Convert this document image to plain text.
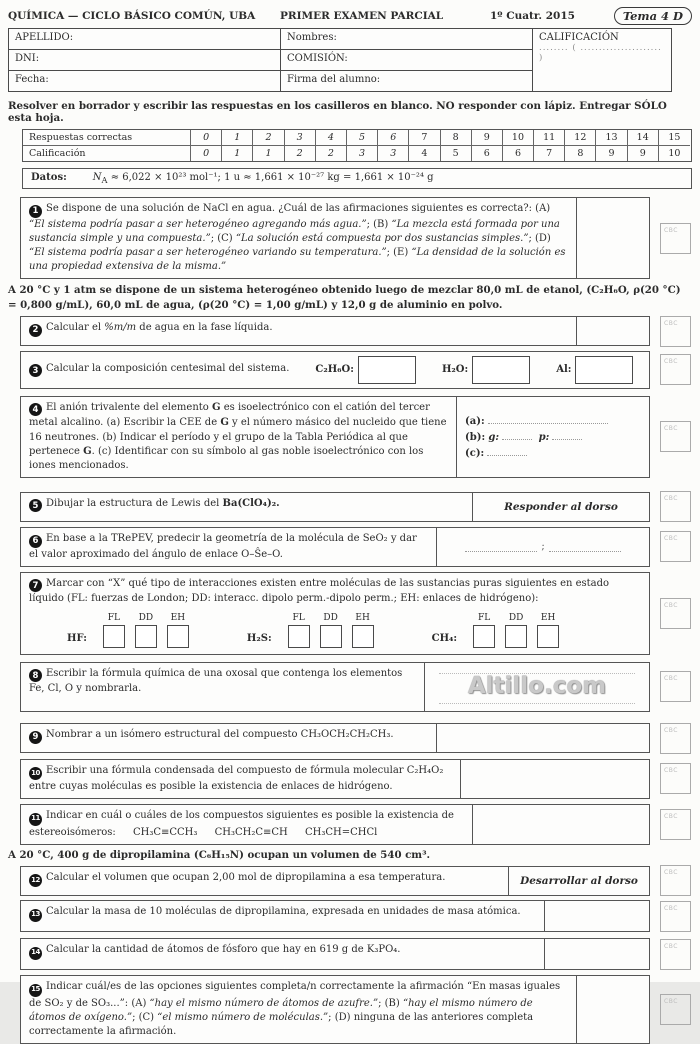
QUÍMICA — CICLO BÁSICO COMÚN, UBA	PRIMER EXAMEN PARCIAL	1º Cuatr. 2015	Tema 4 D
APELLIDO:	Nombres:	CALIFICACIÓN
........ ( ...................... )
DNI:	COMISIÓN:
Fecha:	Firma del alumno:
Resolver en borrador y escribir las respuestas en los casilleros en blanco. NO responder con lápiz. Entregar SÓLO esta hoja.
Respuestas correctas	0	1	2	3	4	5	6	7	8	9	10	11	12	13	14	15
Calificación	0	1	1	2	2	3	3	4	5	6	6	7	8	9	9	10
Datos:	$N_A \approx 6,022 \times 10^{23}$ mol⁻¹; 1 u ≈ 1,661 × 10⁻²⁷ kg = 1,661 × 10⁻²⁴ g
1 Se dispone de una solución de NaCl en agua. ¿Cuál de las afirmaciones siguientes es correcta?: (A) “El sistema podría pasar a ser heterogéneo agregando más agua.”; (B) “La mezcla está formada por una sustancia simple y una compuesta.”; (C) “La solución está compuesta por dos sustancias simples.”; (D) “El sistema podría pasar a ser heterogéneo variando su temperatura.”; (E) “La densidad de la solución es una propiedad extensiva de la misma.”
CBC
A 20 °C y 1 atm se dispone de un sistema heterogéneo obtenido luego de mezclar 80,0 mL de etanol, (C₂H₆O, ρ(20 °C) = 0,800 g/mL), 60,0 mL de agua, (ρ(20 °C) = 1,00 g/mL) y 12,0 g de aluminio en polvo.
2 Calcular el %m/m de agua en la fase líquida.	CBC
3 Calcular la composición centesimal del sistema.	C₂H₆O:	H₂O:	Al:
CBC
4 El anión trivalente del elemento G es isoelectrónico con el catión del tercer metal alcalino. (a) Escribir la CEE de G y el número másico del nucleido que tiene 16 neutrones. (b) Indicar el período y el grupo de la Tabla Periódica al que pertenece G. (c) Identificar con su símbolo al gas noble isoelectrónico con los iones mencionados.
(a):
(b): g:	p:
(c):
CBC
5 Dibujar la estructura de Lewis del Ba(ClO₄)₂.	Responder al dorso
CBC
6 En base a la TRePEV, predecir la geometría de la molécula de SeO₂ y dar el valor aproximado del ángulo de enlace O–Ŝe–O.
;
CBC
7 Marcar con “X” qué tipo de interacciones existen entre moléculas de las sustancias puras siguientes en estado líquido (FL: fuerzas de London; DD: interacc. dipolo perm.-dipolo perm.; EH: enlaces de hidrógeno):
HF:
FL DD EH
H₂S:
FL DD EH
CH₄:
FL DD EH
CBC
8 Escribir la fórmula química de una oxosal que contenga los elementos Fe, Cl, O y nombrarla.	Altillo.com	CBC
9 Nombrar a un isómero estructural del compuesto CH₃OCH₂CH₂CH₃.	CBC
10 Escribir una fórmula condensada del compuesto de fórmula molecular C₂H₄O₂ entre cuyas moléculas es posible la existencia de enlaces de hidrógeno.
CBC
11 Indicar en cuál o cuáles de los compuestos siguientes es posible la existencia de estereoisómeros: CH₃C≡CCH₃ CH₃CH₂C≡CH CH₃CH=CHCl
CBC
A 20 °C, 400 g de dipropilamina (C₆H₁₅N) ocupan un volumen de 540 cm³.
12 Calcular el volumen que ocupan 2,00 mol de dipropilamina a esa temperatura.	Desarrollar al dorso
CBC
13 Calcular la masa de 10 moléculas de dipropilamina, expresada en unidades de masa atómica.	CBC
14 Calcular la cantidad de átomos de fósforo que hay en 619 g de K₃PO₄.	CBC
15 Indicar cuál/es de las opciones siguientes completa/n correctamente la afirmación “En masas iguales de SO₂ y de SO₃...”: (A) “hay el mismo número de átomos de azufre.”; (B) “hay el mismo número de átomos de oxígeno.”; (C) “el mismo número de moléculas.”; (D) ninguna de las anteriores completa correctamente la afirmación.
CBC
